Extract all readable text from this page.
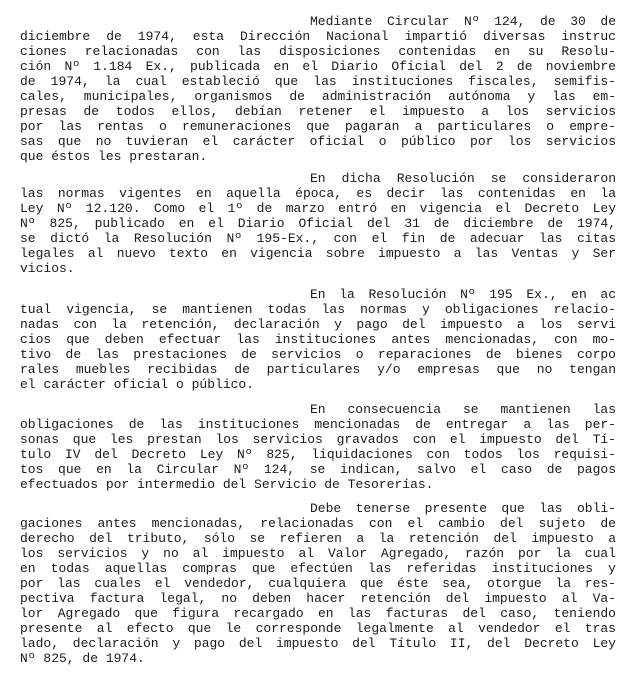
Mediante Circular Nº 124, de 30 de
diciembre de 1974, esta Dirección Nacional impartió diversas instruc
ciones relacionadas con las disposiciones contenidas en su Resolu-
ción Nº 1.184 Ex., publicada en el Diario Oficial del 2 de noviembre
de 1974, la cual estableció que las instituciones fiscales, semifis-
cales, municipales, organismos de administración autónoma y las em-
presas de todos ellos, debían retener el impuesto a los servicios
por las rentas o remuneraciones que pagaran a particulares o empre-
sas que no tuvieran el carácter oficial o público por los servicios
que éstos les prestaran.
En dicha Resolución se consideraron
las normas vigentes en aquella época, es decir las contenidas en la
Ley Nº 12.120. Como el 1º de marzo entró en vigencia el Decreto Ley
Nº 825, publicado en el Diario Oficial del 31 de diciembre de 1974,
se dictó la Resolución Nº 195-Ex., con el fin de adecuar las citas
legales al nuevo texto en vigencia sobre impuesto a las Ventas y Ser
vicios.
En la Resolución Nº 195 Ex., en ac
tual vigencia, se mantienen todas las normas y obligaciones relacio-
nadas con la retención, declaración y pago del impuesto a los servi
cios que deben efectuar las instituciones antes mencionadas, con mo-
tivo de las prestaciones de servicios o reparaciones de bienes corpo
rales muebles recibidas de particulares y/o empresas que no tengan
el carácter oficial o público.
En consecuencia se mantienen las
obligaciones de las instituciones mencionadas de entregar a las per-
sonas que les prestan los servicios gravados con el impuesto del Tí-
tulo IV del Decreto Ley Nº 825, liquidaciones con todos los requisi-
tos que en la Circular Nº 124, se indican, salvo el caso de pagos
efectuados por intermedio del Servicio de Tesorerías.
Debe tenerse presente que las obli-
gaciones antes mencionadas, relacionadas con el cambio del sujeto de
derecho del tributo, sólo se refieren a la retención del impuesto a
los servicios y no al impuesto al Valor Agregado, razón por la cual
en todas aquellas compras que efectúen las referidas instituciones y
por las cuales el vendedor, cualquiera que éste sea, otorgue la res-
pectiva factura legal, no deben hacer retención del impuesto al Va-
lor Agregado que figura recargado en las facturas del caso, teniendo
presente al efecto que le corresponde legalmente al vendedor el tras
lado, declaración y pago del impuesto del Título II, del Decreto Ley
Nº 825, de 1974.
